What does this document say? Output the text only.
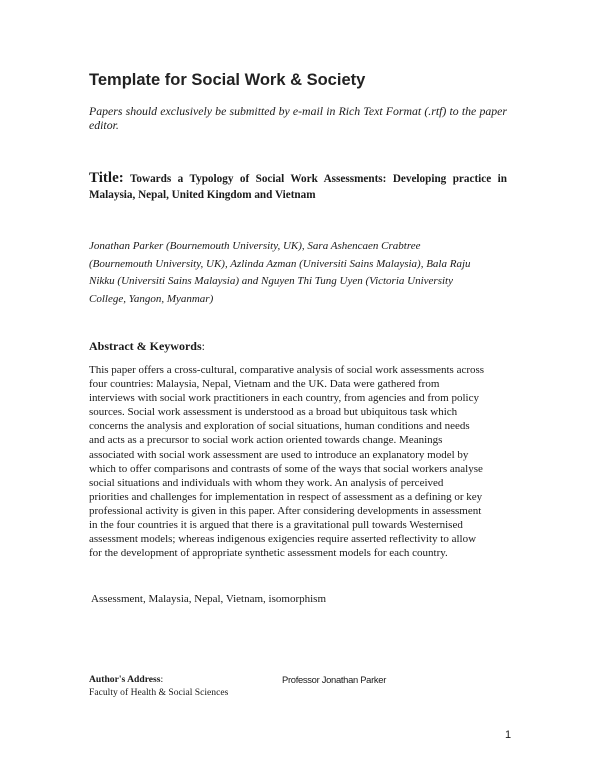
Template for Social Work & Society
Papers should exclusively be submitted by e-mail in Rich Text Format (.rtf) to the paper editor.
Title: Towards a Typology of Social Work Assessments: Developing practice in Malaysia, Nepal, United Kingdom and Vietnam
Jonathan Parker (Bournemouth University, UK), Sara Ashencaen Crabtree
(Bournemouth University, UK), Azlinda Azman (Universiti Sains Malaysia), Bala Raju
Nikku (Universiti Sains Malaysia) and Nguyen Thi Tung Uyen (Victoria University
College, Yangon, Myanmar)
Abstract & Keywords:
This paper offers a cross-cultural, comparative analysis of social work assessments across
four countries: Malaysia, Nepal, Vietnam and the UK. Data were gathered from
interviews with social work practitioners in each country, from agencies and from policy
sources. Social work assessment is understood as a broad but ubiquitous task which
concerns the analysis and exploration of social situations, human conditions and needs
and acts as a precursor to social work action oriented towards change. Meanings
associated with social work assessment are used to introduce an explanatory model by
which to offer comparisons and contrasts of some of the ways that social workers analyse
social situations and individuals with whom they work. An analysis of perceived
priorities and challenges for implementation in respect of assessment as a defining or key
professional activity is given in this paper. After considering developments in assessment
in the four countries it is argued that there is a gravitational pull towards Westernised
assessment models; whereas indigenous exigencies require asserted reflectivity to allow
for the development of appropriate synthetic assessment models for each country.
Assessment, Malaysia, Nepal, Vietnam, isomorphism
Author's Address:
Faculty of Health & Social Sciences
Professor Jonathan Parker
1
